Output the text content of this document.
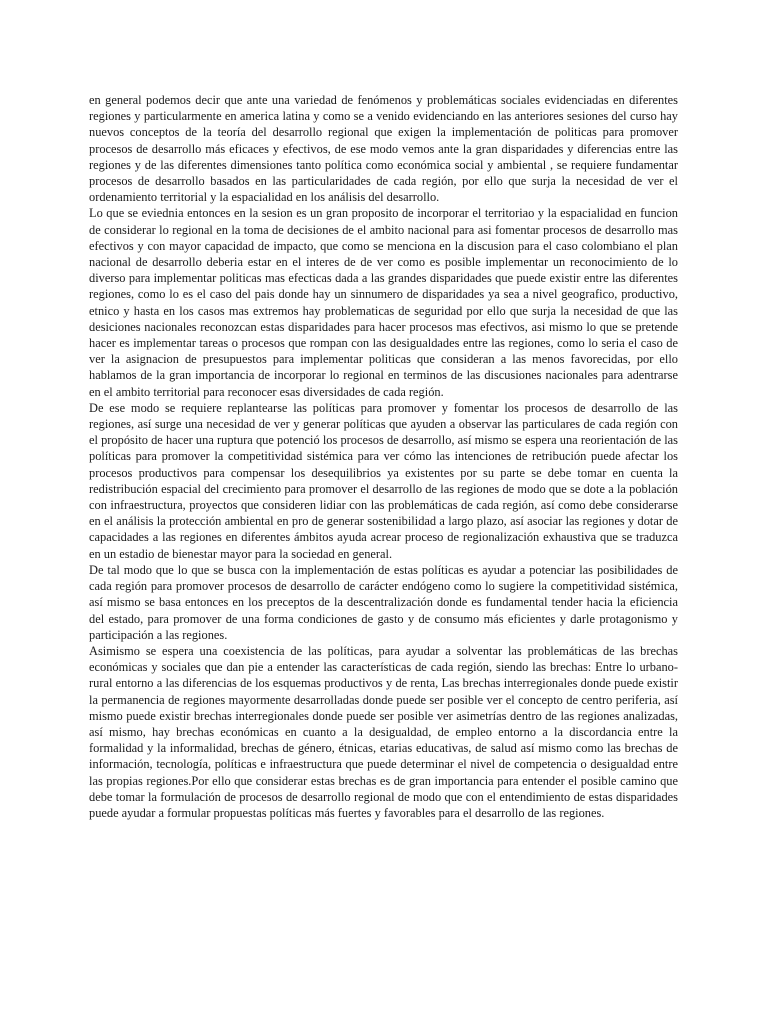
en general podemos decir que ante una variedad de fenómenos y problemáticas sociales evidenciadas en diferentes regiones y particularmente en america latina y como se a venido evidenciando en las anteriores sesiones del curso hay nuevos conceptos de la teoría del desarrollo regional que exigen la implementación de politicas para promover procesos de desarrollo más eficaces y efectivos, de ese modo vemos ante la gran disparidades y diferencias entre las regiones y de las diferentes dimensiones tanto política como económica social y ambiental , se requiere fundamentar procesos de desarrollo basados en las particularidades de cada región, por ello que surja la necesidad de ver el ordenamiento territorial y la espacialidad en los análisis del desarrollo.

Lo que se eviednia entonces en la sesion es un gran proposito de incorporar el territoriao y la espacialidad en funcion de considerar lo regional en la toma de decisiones de el ambito nacional para asi fomentar procesos de desarrollo mas efectivos y con mayor capacidad de impacto, que como se menciona en la discusion para el caso colombiano el plan nacional de desarrollo deberia estar en el interes de de ver como es posible implementar un reconocimiento de lo diverso para implementar politicas mas efecticas dada a las grandes disparidades que puede existir entre las diferentes regiones, como lo es el caso del pais donde hay un sinnumero de disparidades ya sea a nivel geografico, productivo, etnico y hasta en los casos mas extremos hay problematicas de seguridad por ello que surja la necesidad de que las desiciones nacionales reconozcan estas disparidades para hacer procesos mas efectivos, asi mismo lo que se pretende hacer es implementar tareas o procesos que rompan con las desigualdades entre las regiones, como lo seria el caso de ver la asignacion de presupuestos para implementar politicas que consideran a las menos favorecidas, por ello hablamos de la gran importancia de incorporar lo regional en terminos de las discusiones nacionales para adentrarse en el ambito territorial para reconocer esas diversidades de cada región.

De ese modo se requiere replantearse las políticas para promover y fomentar los procesos de desarrollo de las regiones, así surge una necesidad de ver y generar políticas que ayuden a observar las particulares de cada región con el propósito de hacer una ruptura que potenció los procesos de desarrollo, así mismo se espera una reorientación de las políticas para promover la competitividad sistémica para ver cómo las intenciones de retribución puede afectar los procesos productivos para compensar los desequilibrios ya existentes por su parte se debe tomar en cuenta la redistribución espacial del crecimiento para promover el desarrollo de las regiones de modo que se dote a la población con infraestructura, proyectos que consideren lidiar con las problemáticas de cada región, así como debe considerarse en el análisis la protección ambiental en pro de generar sostenibilidad a largo plazo, así asociar las regiones y dotar de capacidades a las regiones en diferentes ámbitos ayuda acrear proceso de regionalización exhaustiva que se traduzca en un estadio de bienestar mayor para la sociedad en general.

De tal modo que lo que se busca con la implementación de estas políticas es ayudar a potenciar las posibilidades de cada región para promover procesos de desarrollo de carácter endógeno como lo sugiere la competitividad sistémica, así mismo se basa entonces en los preceptos de la descentralización donde es fundamental tender hacia la eficiencia del estado, para promover de una forma condiciones de gasto y de consumo más eficientes y darle protagonismo y participación a las regiones.

Asimismo se espera una coexistencia de las políticas, para ayudar a solventar las problemáticas de las brechas económicas y sociales que dan pie a entender las características de cada región, siendo las brechas: Entre lo urbano-rural entorno a las diferencias de los esquemas productivos y de renta, Las brechas interregionales donde puede existir la permanencia de regiones mayormente desarrolladas donde puede ser posible ver el concepto de centro periferia, así mismo puede existir brechas interregionales donde puede ser posible ver asimetrías dentro de las regiones analizadas, así mismo, hay brechas económicas en cuanto a la desigualdad, de empleo entorno a la discordancia entre la formalidad y la informalidad, brechas de género, étnicas, etarias educativas, de salud así mismo como las brechas de información, tecnología, políticas e infraestructura que puede determinar el nivel de competencia o desigualdad entre las propias regiones.Por ello que considerar estas brechas es de gran importancia para entender el posible camino que debe tomar la formulación de procesos de desarrollo regional de modo que con el entendimiento de estas disparidades puede ayudar a formular propuestas políticas más fuertes y favorables para el desarrollo de las regiones.
